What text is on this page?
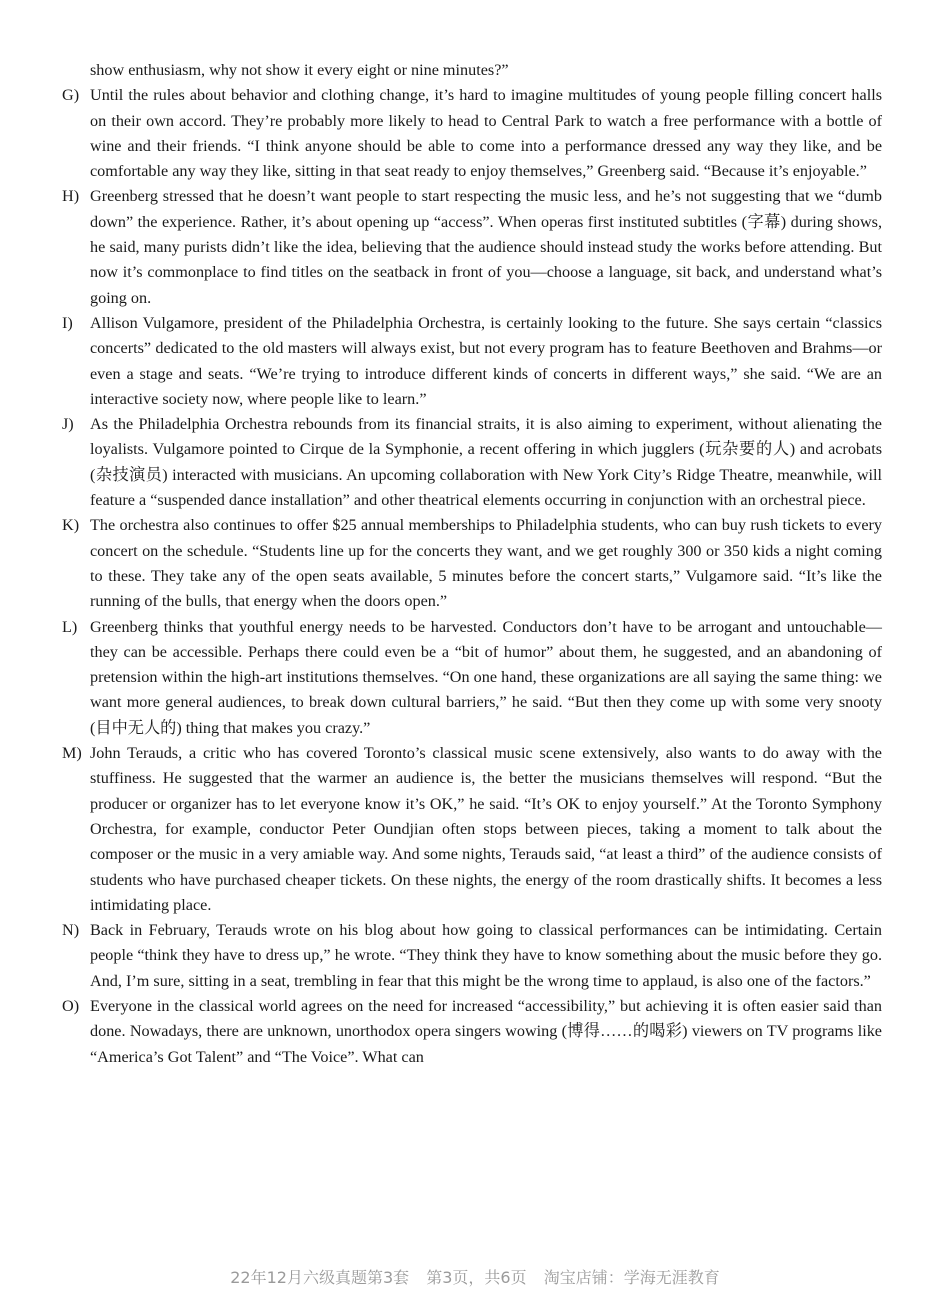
show enthusiasm, why not show it every eight or nine minutes?”

G) Until the rules about behavior and clothing change, it’s hard to imagine multitudes of young people filling concert halls on their own accord. They’re probably more likely to head to Central Park to watch a free performance with a bottle of wine and their friends. “I think anyone should be able to come into a performance dressed any way they like, and be comfortable any way they like, sitting in that seat ready to enjoy themselves,” Greenberg said. “Because it’s enjoyable.”
H) Greenberg stressed that he doesn’t want people to start respecting the music less, and he’s not suggesting that we “dumb down” the experience. Rather, it’s about opening up “access”. When operas first instituted subtitles (字幕) during shows, he said, many purists didn’t like the idea, believing that the audience should instead study the works before attending. But now it’s commonplace to find titles on the seatback in front of you—choose a language, sit back, and understand what’s going on.
I)	Allison Vulgamore, president of the Philadelphia Orchestra, is certainly looking to the future. She says certain “classics concerts” dedicated to the old masters will always exist, but not every program has to feature Beethoven and Brahms—or even a stage and seats. “We’re trying to introduce different kinds of concerts in different ways,” she said. “We are an interactive society now, where people like to learn.”
J)	As the Philadelphia Orchestra rebounds from its financial straits, it is also aiming to experiment, without alienating the loyalists. Vulgamore pointed to Cirque de la Symphonie, a recent offering in which jugglers (玩杂要的人) and acrobats (杂技演员) interacted with musicians. An upcoming collaboration with New York City’s Ridge Theatre, meanwhile, will feature a “suspended dance installation” and other theatrical elements occurring in conjunction with an orchestral piece.
K) The orchestra also continues to offer $25 annual memberships to Philadelphia students, who can buy rush tickets to every concert on the schedule. “Students line up for the concerts they want, and we get roughly 300 or 350 kids a night coming to these. They take any of the open seats available, 5 minutes before the concert starts,” Vulgamore said. “It’s like the running of the bulls, that energy when the doors open.”
L) Greenberg thinks that youthful energy needs to be harvested. Conductors don’t have to be arrogant and untouchable—they can be accessible. Perhaps there could even be a “bit of humor” about them, he suggested, and an abandoning of pretension within the high-art institutions themselves. “On one hand, these organizations are all saying the same thing: we want more general audiences, to break down cultural barriers,” he said. “But then they come up with some very snooty (目中无人的) thing that makes you crazy.”
M) John Terauds, a critic who has covered Toronto’s classical music scene extensively, also wants to do away with the stuffiness. He suggested that the warmer an audience is, the better the musicians themselves will respond. “But the producer or organizer has to let everyone know it’s OK,” he said. “It’s OK to enjoy yourself.” At the Toronto Symphony Orchestra, for example, conductor Peter Oundjian often stops between pieces, taking a moment to talk about the composer or the music in a very amiable way. And some nights, Terauds said, “at least a third” of the audience consists of students who have purchased cheaper tickets. On these nights, the energy of the room drastically shifts. It becomes a less intimidating place.
N) Back in February, Terauds wrote on his blog about how going to classical performances can be intimidating. Certain people “think they have to dress up,” he wrote. “They think they have to know something about the music before they go. And, I’m sure, sitting in a seat, trembling in fear that this might be the wrong time to applaud, is also one of the factors.”
O) Everyone in the classical world agrees on the need for increased “accessibility,” but achieving it is often easier said than done. Nowadays, there are unknown, unorthodox opera singers wowing (博得……的喝彩) viewers on TV programs like “America’s Got Talent” and “The Voice”. What can
22年12月六级真题第3套 第3页，共6页 淘宝店铺：学海无涯教育
